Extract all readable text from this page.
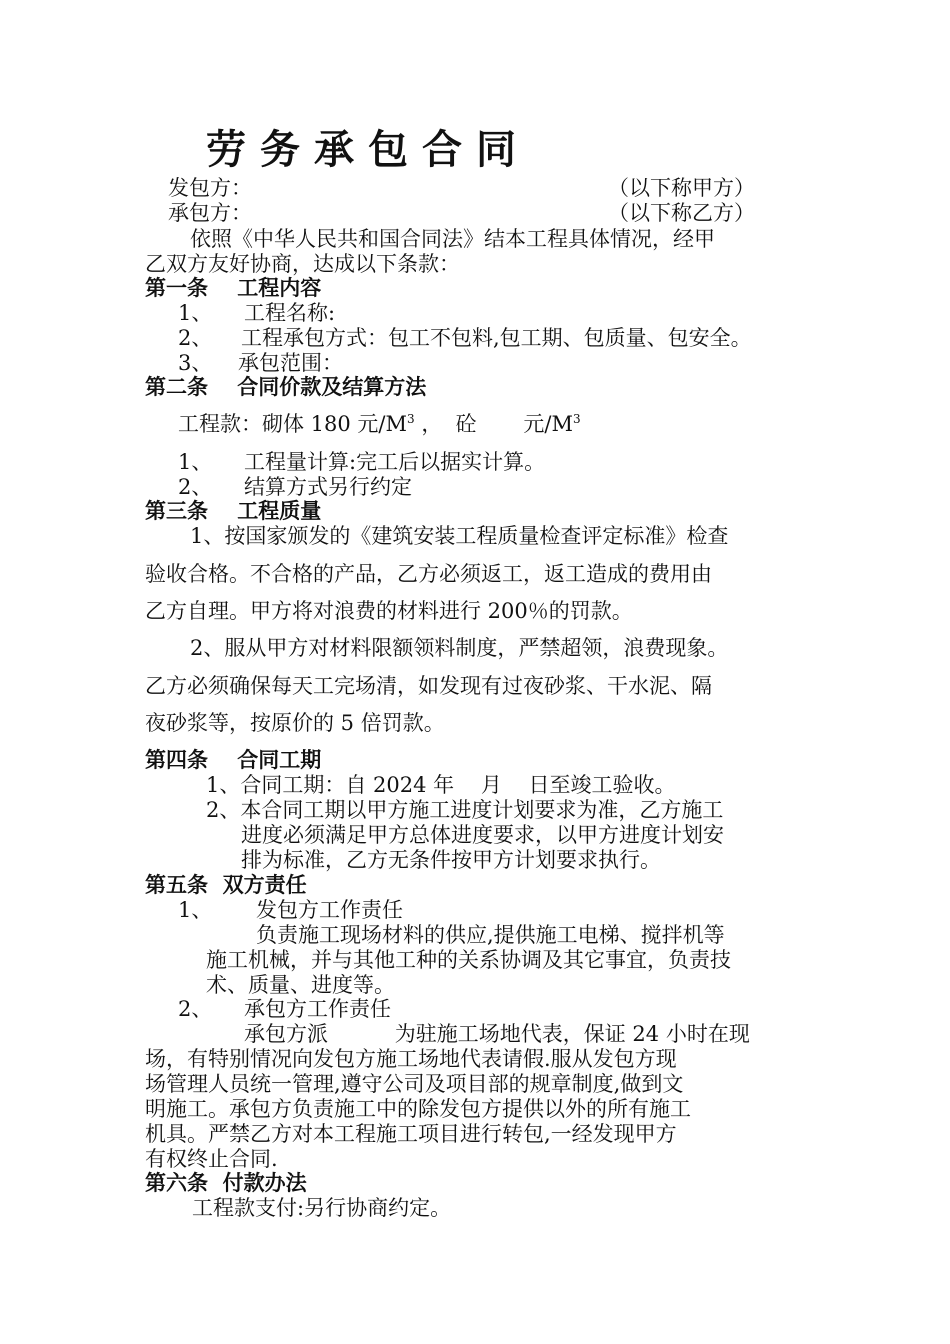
劳务承包合同
发包方：	（以下称甲方）
承包方：	（以下称乙方）
依照《中华人民共和国合同法》结本工程具体情况，经甲
乙双方友好协商，达成以下条款：
第一条    工程内容
1、 工程名称:
2、 工程承包方式：包工不包料,包工期、包质量、包安全。
3、 承包范围：
第二条    合同价款及结算方法
工程款：砌体 180 元$/M^3$ ，  砼       元$/M^3$
1、 工程量计算:完工后以据实计算。
2、 结算方式另行约定
第三条    工程质量
1、按国家颁发的《建筑安装工程质量检查评定标准》检查
验收合格。不合格的产品，乙方必须返工，返工造成的费用由
乙方自理。甲方将对浪费的材料进行 200％的罚款。
2、服从甲方对材料限额领料制度，严禁超领，浪费现象。
乙方必须确保每天工完场清，如发现有过夜砂浆、干水泥、隔
夜砂浆等，按原价的 5 倍罚款。
第四条    合同工期
1、合同工期：自 2024 年    月    日至竣工验收。
2、本合同工期以甲方施工进度计划要求为准，乙方施工
进度必须满足甲方总体进度要求，以甲方进度计划安
排为标准，乙方无条件按甲方计划要求执行。
第五条  双方责任
1、 发包方工作责任
负责施工现场材料的供应,提供施工电梯、搅拌机等
施工机械，并与其他工种的关系协调及其它事宜，负责技
术、质量、进度等。
2、 承包方工作责任
承包方派          为驻施工场地代表，保证 24 小时在现
场，有特别情况向发包方施工场地代表请假.服从发包方现
场管理人员统一管理,遵守公司及项目部的规章制度,做到文
明施工。承包方负责施工中的除发包方提供以外的所有施工
机具。严禁乙方对本工程施工项目进行转包,一经发现甲方
有权终止合同.
第六条  付款办法
工程款支付:另行协商约定。
